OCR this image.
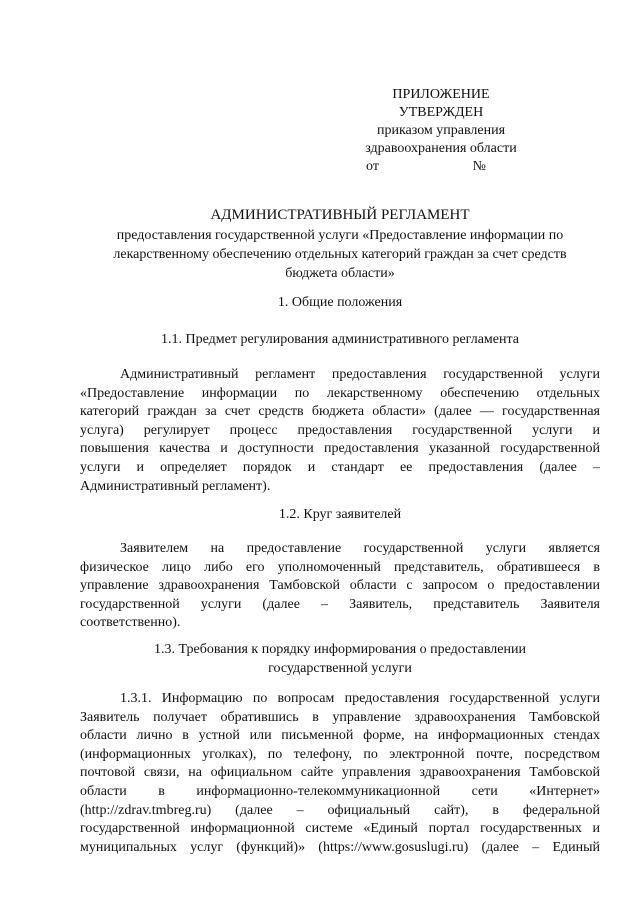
ПРИЛОЖЕНИЕ
УТВЕРЖДЕН
приказом управления
здравоохранения области
от	№
АДМИНИСТРАТИВНЫЙ РЕГЛАМЕНТ
предоставления государственной услуги «Предоставление информации по
лекарственному обеспечению отдельных категорий граждан за счет средств
бюджета области»
1. Общие положения
1.1. Предмет регулирования административного регламента
Административный регламент предоставления государственной услуги
«Предоставление информации по лекарственному обеспечению отдельных
категорий граждан за счет средств бюджета области» (далее — государственная
услуга) регулирует процесс предоставления государственной услуги и
повышения качества и доступности предоставления указанной государственной
услуги и определяет порядок и стандарт ее предоставления (далее –
Административный регламент).
1.2. Круг заявителей
Заявителем на предоставление государственной услуги является
физическое лицо либо его уполномоченный представитель, обратившееся в
управление здравоохранения Тамбовской области с запросом о предоставлении
государственной услуги (далее – Заявитель, представитель Заявителя
соответственно).
1.3. Требования к порядку информирования о предоставлении
государственной услуги
1.3.1. Информацию по вопросам предоставления государственной услуги
Заявитель получает обратившись в управление здравоохранения Тамбовской
области лично в устной или письменной форме, на информационных стендах
(информационных уголках), по телефону, по электронной почте, посредством
почтовой связи, на официальном сайте управления здравоохранения Тамбовской
области в информационно-телекоммуникационной сети «Интернет»
(http://zdrav.tmbreg.ru) (далее – официальный сайт), в федеральной
государственной информационной системе «Единый портал государственных и
муниципальных услуг (функций)» (https://www.gosuslugi.ru) (далее – Единый
